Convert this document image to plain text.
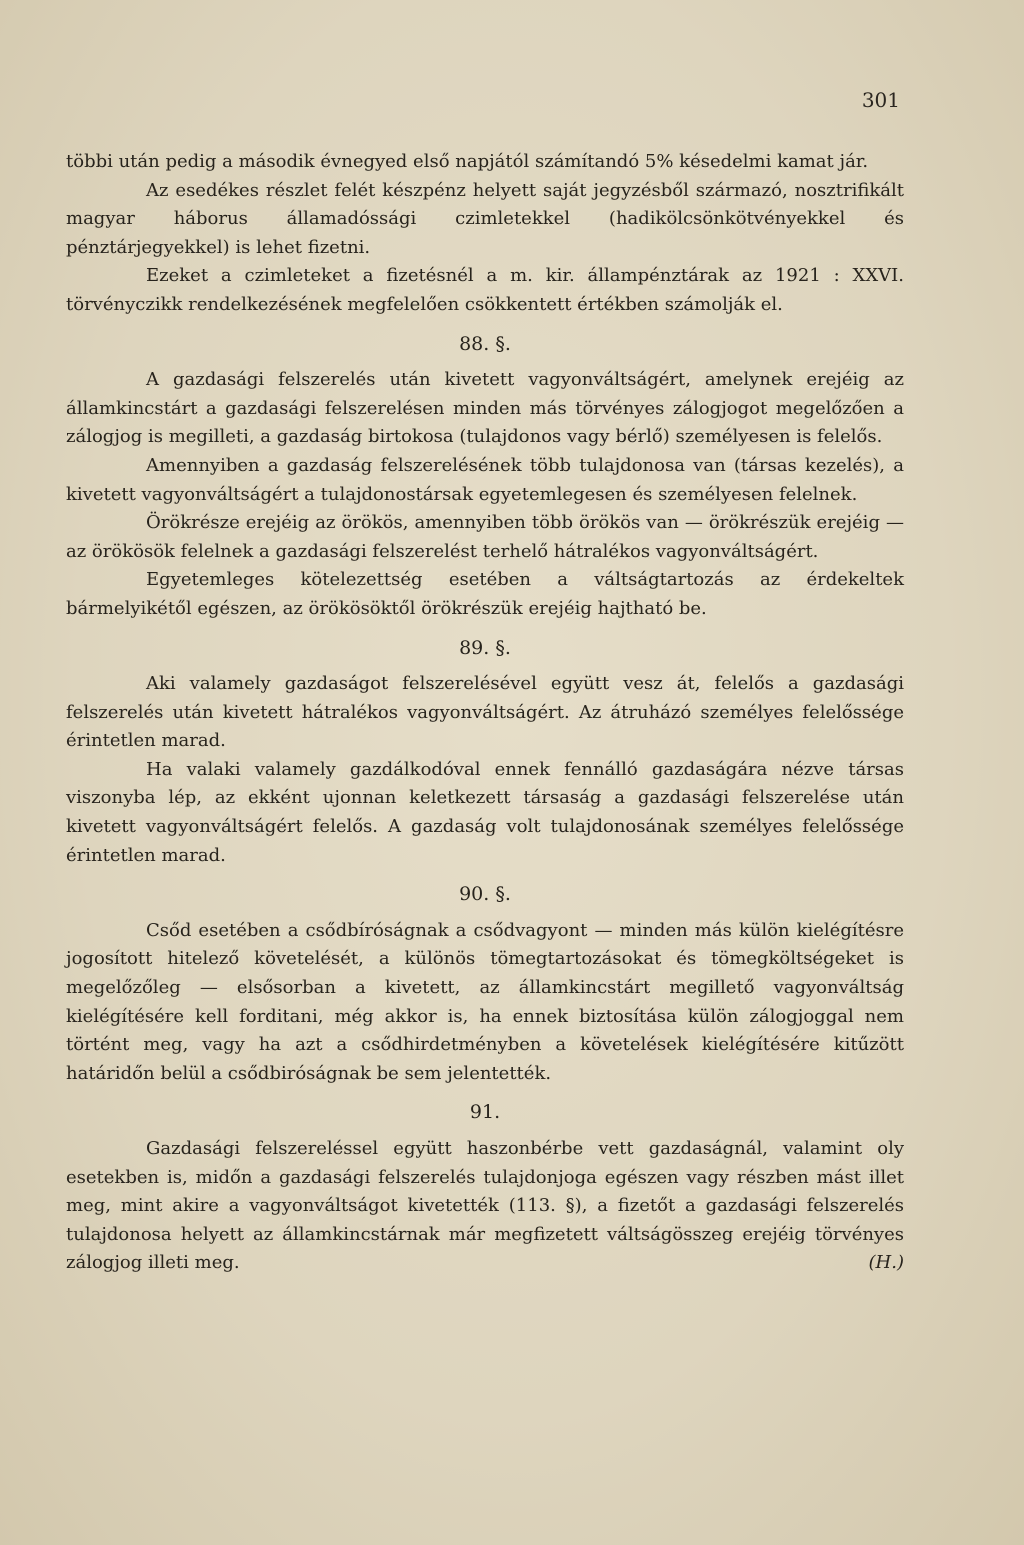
301

többi után pedig a második évnegyed első napjától számítandó 5% késedelmi kamat jár.

Az esedékes részlet felét készpénz helyett saját jegyzésből származó, nosztrifikált magyar háborus államadóssági czimletekkel (hadikölcsönkötvényekkel és pénztárjegyekkel) is lehet fizetni.

Ezeket a czimleteket a fizetésnél a m. kir. állampénztárak az 1921 : XXVI. törvényczikk rendelkezésének megfelelően csökkentett értékben számolják el.

88. §.

A gazdasági felszerelés után kivetett vagyonváltságért, amelynek erejéig az államkincstárt a gazdasági felszerelésen minden más törvényes zálogjogot megelőzően a zálogjog is megilleti, a gazdaság birtokosa (tulajdonos vagy bérlő) személyesen is felelős.

Amennyiben a gazdaság felszerelésének több tulajdonosa van (társas kezelés), a kivetett vagyonváltságért a tulajdonostársak egyetemlegesen és személyesen felelnek.

Örökrésze erejéig az örökös, amennyiben több örökös van — örökrészük erejéig — az örökösök felelnek a gazdasági felszerelést terhelő hátralékos vagyonváltságért.

Egyetemleges kötelezettség esetében a váltságtartozás az érdekeltek bármelyikétől egészen, az örökösöktől örökrészük erejéig hajtható be.

89. §.

Aki valamely gazdaságot felszerelésével együtt vesz át, felelős a gazdasági felszerelés után kivetett hátralékos vagyonváltságért. Az átruházó személyes felelőssége érintetlen marad.

Ha valaki valamely gazdálkodóval ennek fennálló gazdaságára nézve társas viszonyba lép, az ekként ujonnan keletkezett társaság a gazdasági felszerelése után kivetett vagyonváltságért felelős. A gazdaság volt tulajdonosának személyes felelőssége érintetlen marad.

90. §.

Csőd esetében a csődbíróságnak a csődvagyont — minden más külön kielégítésre jogosított hitelező követelését, a különös tömegtartozásokat és tömegköltségeket is megelőzőleg — elsősorban a kivetett, az államkincstárt megillető vagyonváltság kielégítésére kell forditani, még akkor is, ha ennek biztosítása külön zálogjoggal nem történt meg, vagy ha azt a csődhirdetményben a követelések kielégítésére kitűzött határidőn belül a csődbiróságnak be sem jelentették.

91.

Gazdasági felszereléssel együtt haszonbérbe vett gazdaságnál, valamint oly esetekben is, midőn a gazdasági felszerelés tulajdonjoga egészen vagy részben mást illet meg, mint akire a vagyonváltságot kivetették (113. §), a fizetőt a gazdasági felszerelés tulajdonosa helyett az államkincstárnak már megfizetett váltságösszeg erejéig törvényes zálogjog illeti meg.	(H.)
